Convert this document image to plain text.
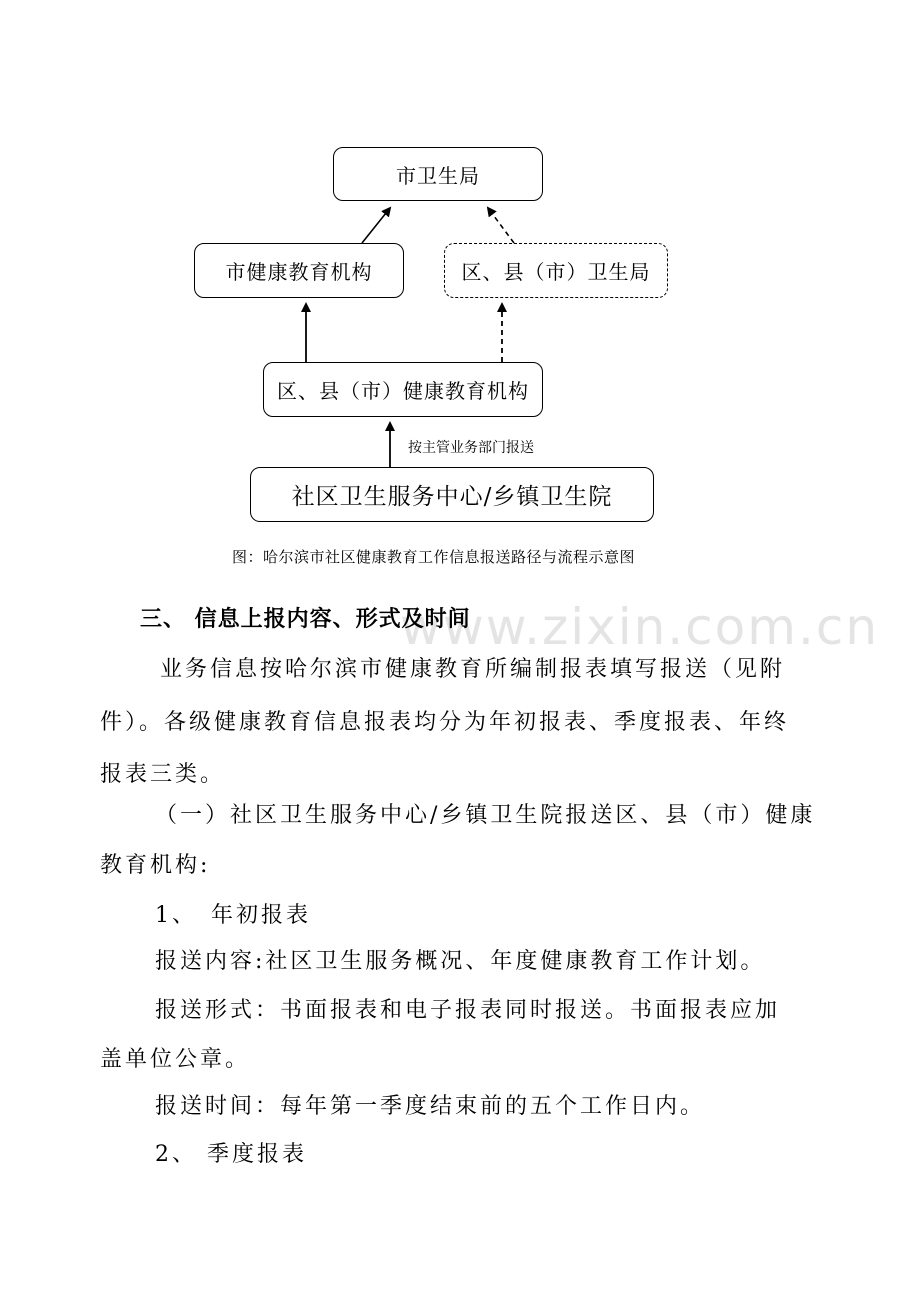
市卫生局
市健康教育机构	区、县（市）卫生局
区、县（市）健康教育机构
社区卫生服务中心/乡镇卫生院
按主管业务部门报送
图：哈尔滨市社区健康教育工作信息报送路径与流程示意图
www.zixin.com.cn
三、 信息上报内容、形式及时间
业务信息按哈尔滨市健康教育所编制报表填写报送（见附
件）。各级健康教育信息报表均分为年初报表、季度报表、年终
报表三类。
（一）社区卫生服务中心/乡镇卫生院报送区、县（市）健康
教育机构:
1、　年初报表
报送内容:社区卫生服务概况、年度健康教育工作计划。
报送形式：书面报表和电子报表同时报送。书面报表应加
盖单位公章。
报送时间：每年第一季度结束前的五个工作日内。
2、 季度报表
